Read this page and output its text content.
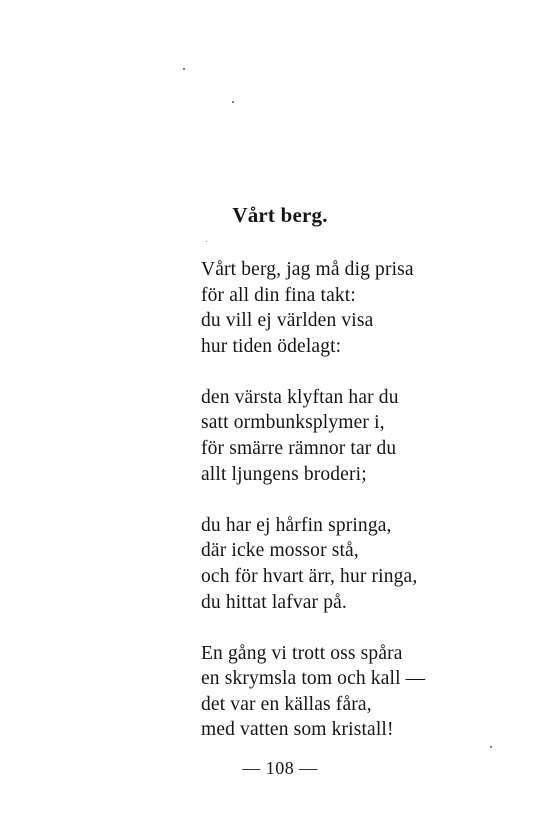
Vårt berg.
Vårt berg, jag må dig prisa
för all din fina takt:
du vill ej världen visa
hur tiden ödelagt:
den värsta klyftan har du
satt ormbunksplymer i,
för smärre rämnor tar du
allt ljungens broderi;
du har ej hårfin springa,
där icke mossor stå,
och för hvart ärr, hur ringa,
du hittat lafvar på.
En gång vi trott oss spåra
en skrymsla tom och kall —
det var en källas fåra,
med vatten som kristall!
— 108 —
